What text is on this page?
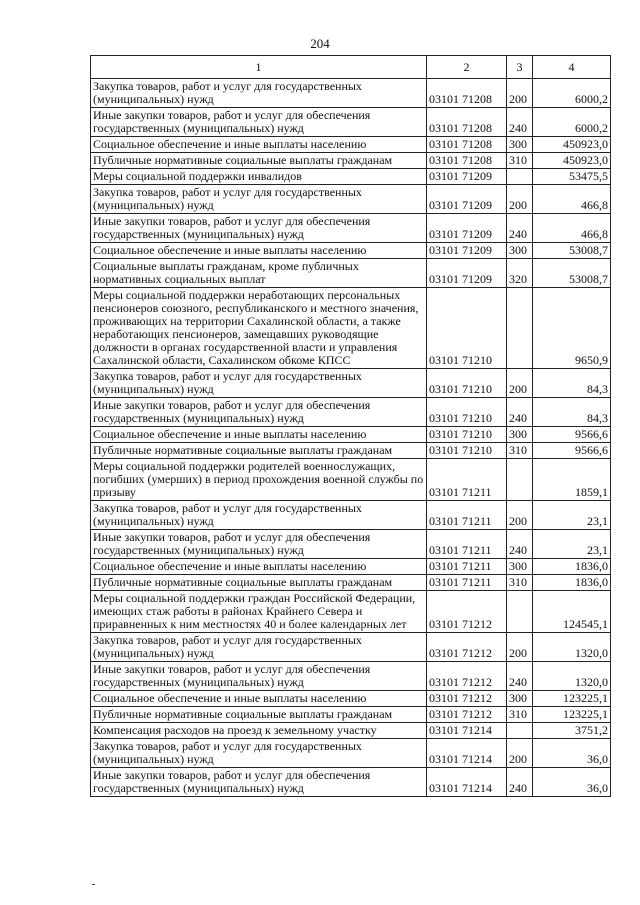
204
1	2	3	4
Закупка товаров, работ и услуг для государственных (муниципальных) нужд	03101 71208	200	6000,2
Иные закупки товаров, работ и услуг для обеспечения государственных (муниципальных) нужд	03101 71208	240	6000,2
Социальное обеспечение и иные выплаты населению	03101 71208	300	450923,0
Публичные нормативные социальные выплаты гражданам	03101 71208	310	450923,0
Меры социальной поддержки инвалидов	03101 71209		53475,5
Закупка товаров, работ и услуг для государственных (муниципальных) нужд	03101 71209	200	466,8
Иные закупки товаров, работ и услуг для обеспечения государственных (муниципальных) нужд	03101 71209	240	466,8
Социальное обеспечение и иные выплаты населению	03101 71209	300	53008,7
Социальные выплаты гражданам, кроме публичных нормативных социальных выплат	03101 71209	320	53008,7
Меры социальной поддержки неработающих персональных пенсионеров союзного, республиканского и местного значения, проживающих на территории Сахалинской области, а также неработающих пенсионеров, замещавших руководящие должности в органах государственной власти и управления Сахалинской области, Сахалинском обкоме КПСС	03101 71210		9650,9
Закупка товаров, работ и услуг для государственных (муниципальных) нужд	03101 71210	200	84,3
Иные закупки товаров, работ и услуг для обеспечения государственных (муниципальных) нужд	03101 71210	240	84,3
Социальное обеспечение и иные выплаты населению	03101 71210	300	9566,6
Публичные нормативные социальные выплаты гражданам	03101 71210	310	9566,6
Меры социальной поддержки родителей военнослужащих, погибших (умерших) в период прохождения военной службы по призыву	03101 71211		1859,1
Закупка товаров, работ и услуг для государственных (муниципальных) нужд	03101 71211	200	23,1
Иные закупки товаров, работ и услуг для обеспечения государственных (муниципальных) нужд	03101 71211	240	23,1
Социальное обеспечение и иные выплаты населению	03101 71211	300	1836,0
Публичные нормативные социальные выплаты гражданам	03101 71211	310	1836,0
Меры социальной поддержки граждан Российской Федерации, имеющих стаж работы в районах Крайнего Севера и приравненных к ним местностях 40 и более календарных лет	03101 71212		124545,1
Закупка товаров, работ и услуг для государственных (муниципальных) нужд	03101 71212	200	1320,0
Иные закупки товаров, работ и услуг для обеспечения государственных (муниципальных) нужд	03101 71212	240	1320,0
Социальное обеспечение и иные выплаты населению	03101 71212	300	123225,1
Публичные нормативные социальные выплаты гражданам	03101 71212	310	123225,1
Компенсация расходов на проезд к земельному участку	03101 71214		3751,2
Закупка товаров, работ и услуг для государственных (муниципальных) нужд	03101 71214	200	36,0
Иные закупки товаров, работ и услуг для обеспечения государственных (муниципальных) нужд	03101 71214	240	36,0
